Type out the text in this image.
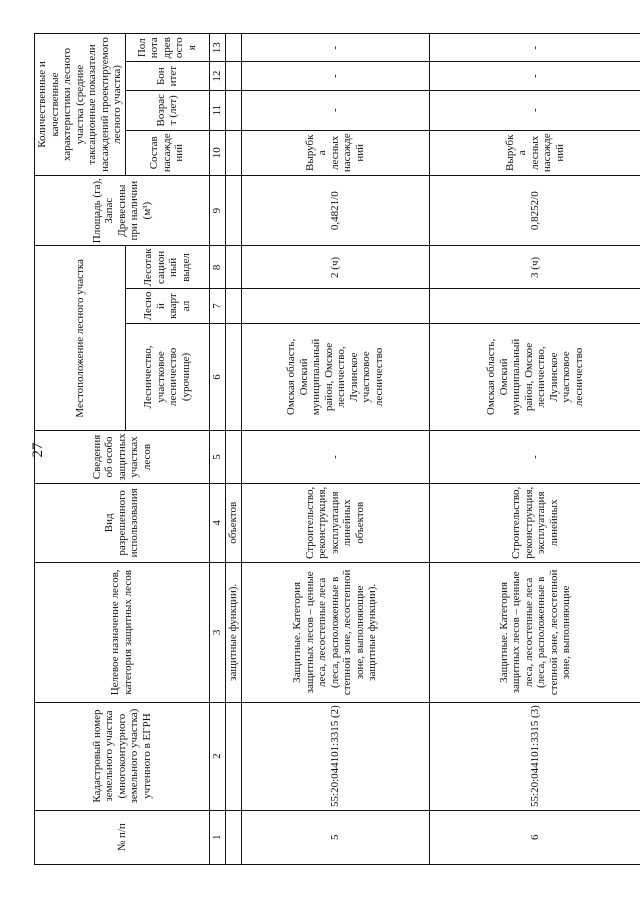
27
№ п/п	Кадастровый номер земельного участка (многоконтурного земельного участка) учтенного в ЕГРН	Целевое назначение лесов, категория защитных лесов	Вид разрешенного использования	Сведения об особо защитных участках лесов	Местоположение лесного участка			Площадь (га), Запас Древесины при наличии (м³)	Количественные и качественные характеристики лесного участка (средние таксационные показатели насаждений проектируемого лесного участка)			
					Лесничество, участковое лесничество (урочище)	Лесной квартал	Лесотаксационный выдел		Состав насаждений	Возраст (лет)	Бонитет	Полнота древостоя
1	2	3	4	5	6	7	8	9	10	11	12	13
		защитные функции).	объектов									
5	55:20:044101:3315 (2)	Защитные. Категория защитных лесов – ценные леса, лесостепные леса (леса, расположенные в степной зоне, лесостепной зоне, выполняющие защитные функции).	Строительство, реконструкция, эксплуатация линейных объектов	-	Омская область, Омский муниципальный район, Омское лесничество, Лузинское участковое лесничество		2 (ч)	0,4821/0	Вырубка лесных насаждений	-	-	-
6	55:20:044101:3315 (3)	Защитные. Категория защитных лесов – ценные леса, лесостепные леса (леса, расположенные в степной зоне, лесостепной зоне, выполняющие	Строительство, реконструкция, эксплуатация линейных	-	Омская область, Омский муниципальный район, Омское лесничество, Лузинское участковое лесничество		3 (ч)	0,8252/0	Вырубка лесных насаждений	-	-	-
